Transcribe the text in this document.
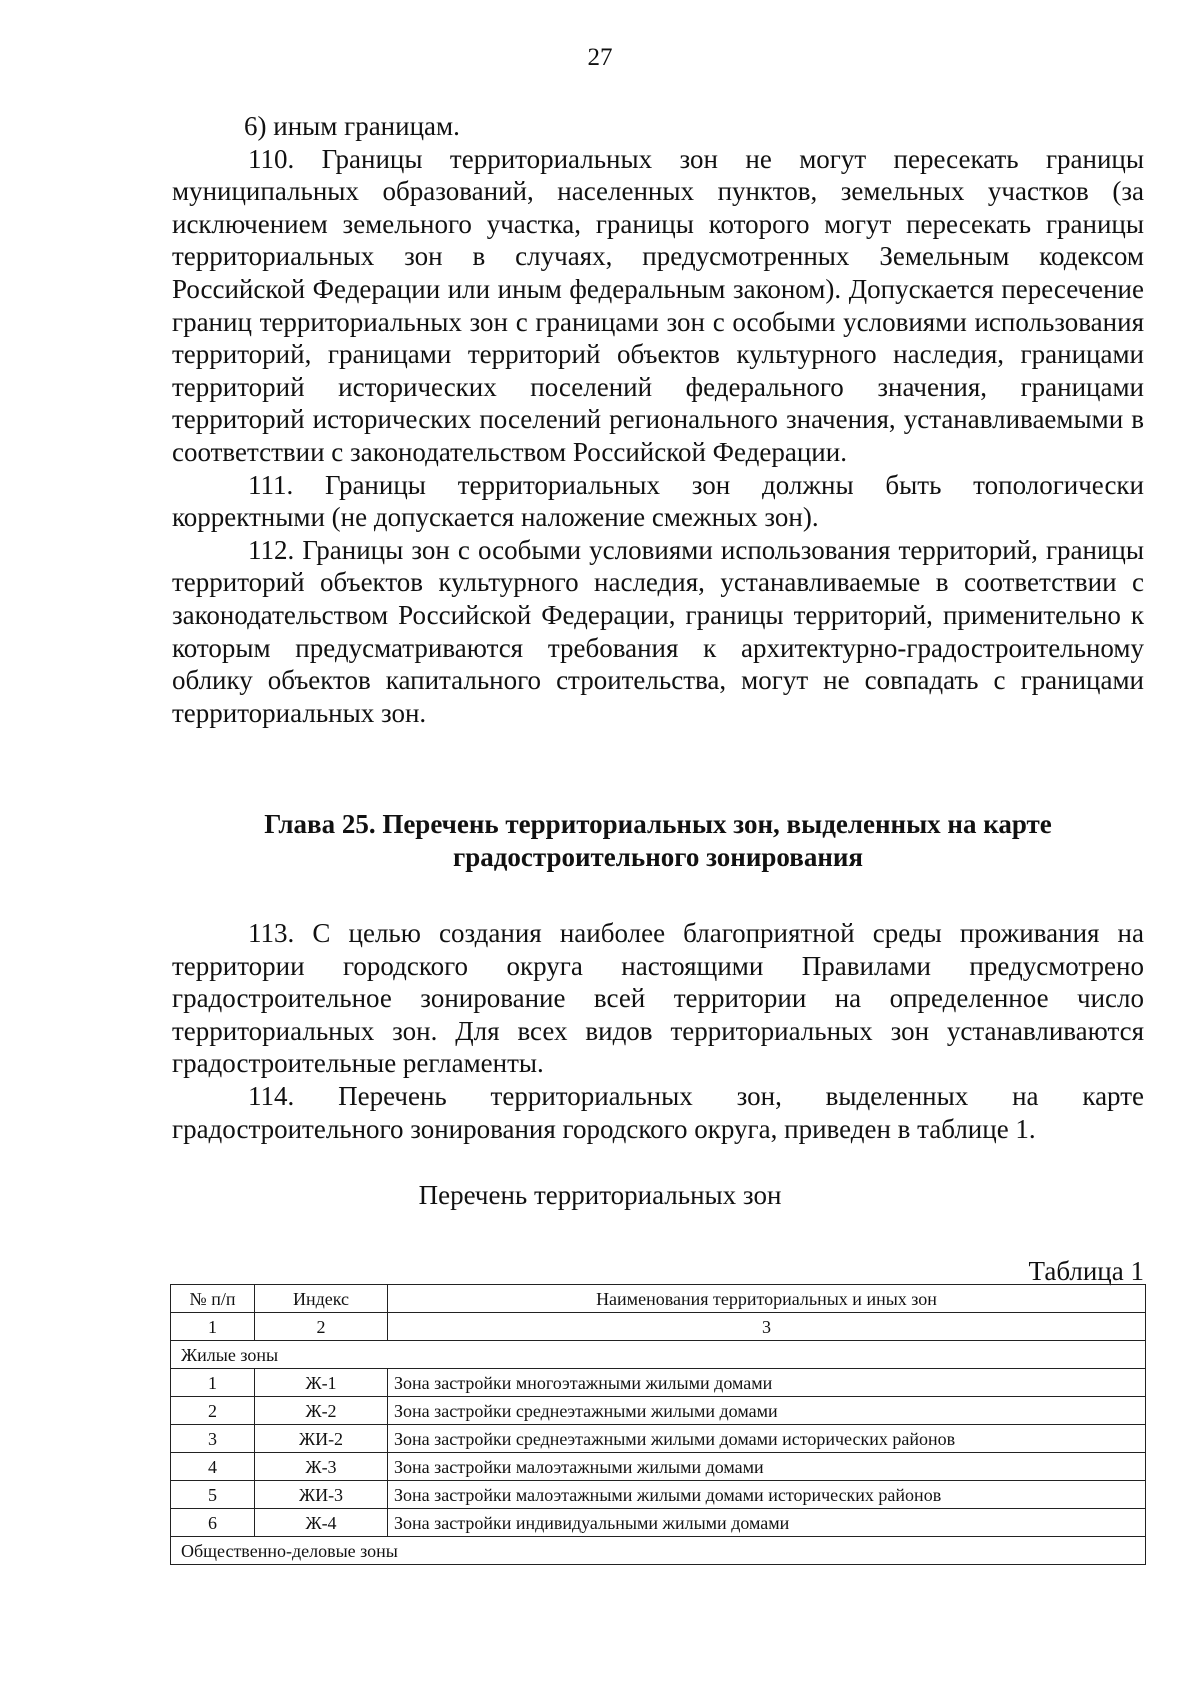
27

6) иным границам.

110. Границы территориальных зон не могут пересекать границы муниципальных образований, населенных пунктов, земельных участков (за исключением земельного участка, границы которого могут пересекать границы территориальных зон в случаях, предусмотренных Земельным кодексом Российской Федерации или иным федеральным законом). Допускается пересечение границ территориальных зон с границами зон с особыми условиями использования территорий, границами территорий объектов культурного наследия, границами территорий исторических поселений федерального значения, границами территорий исторических поселений регионального значения, устанавливаемыми в соответствии с законодательством Российской Федерации.

111. Границы территориальных зон должны быть топологически корректными (не допускается наложение смежных зон).

112. Границы зон с особыми условиями использования территорий, границы территорий объектов культурного наследия, устанавливаемые в соответствии с законодательством Российской Федерации, границы территорий, применительно к которым предусматриваются требования к архитектурно-градостроительному облику объектов капитального строительства, могут не совпадать с границами территориальных зон.

Глава 25. Перечень территориальных зон, выделенных на карте
градостроительного зонирования

113. С целью создания наиболее благоприятной среды проживания на территории городского округа настоящими Правилами предусмотрено градостроительное зонирование всей территории на определенное число территориальных зон. Для всех видов территориальных зон устанавливаются градостроительные регламенты.

114. Перечень территориальных зон, выделенных на карте градостроительного зонирования городского округа, приведен в таблице 1.

Перечень территориальных зон
Таблица 1
№ п/п	Индекс	Наименования территориальных и иных зон
1	2	3
Жилые зоны		
1	Ж-1	Зона застройки многоэтажными жилыми домами
2	Ж-2	Зона застройки среднеэтажными жилыми домами
3	ЖИ-2	Зона застройки среднеэтажными жилыми домами исторических районов
4	Ж-3	Зона застройки малоэтажными жилыми домами
5	ЖИ-3	Зона застройки малоэтажными жилыми домами исторических районов
6	Ж-4	Зона застройки индивидуальными жилыми домами
Общественно-деловые зоны		
